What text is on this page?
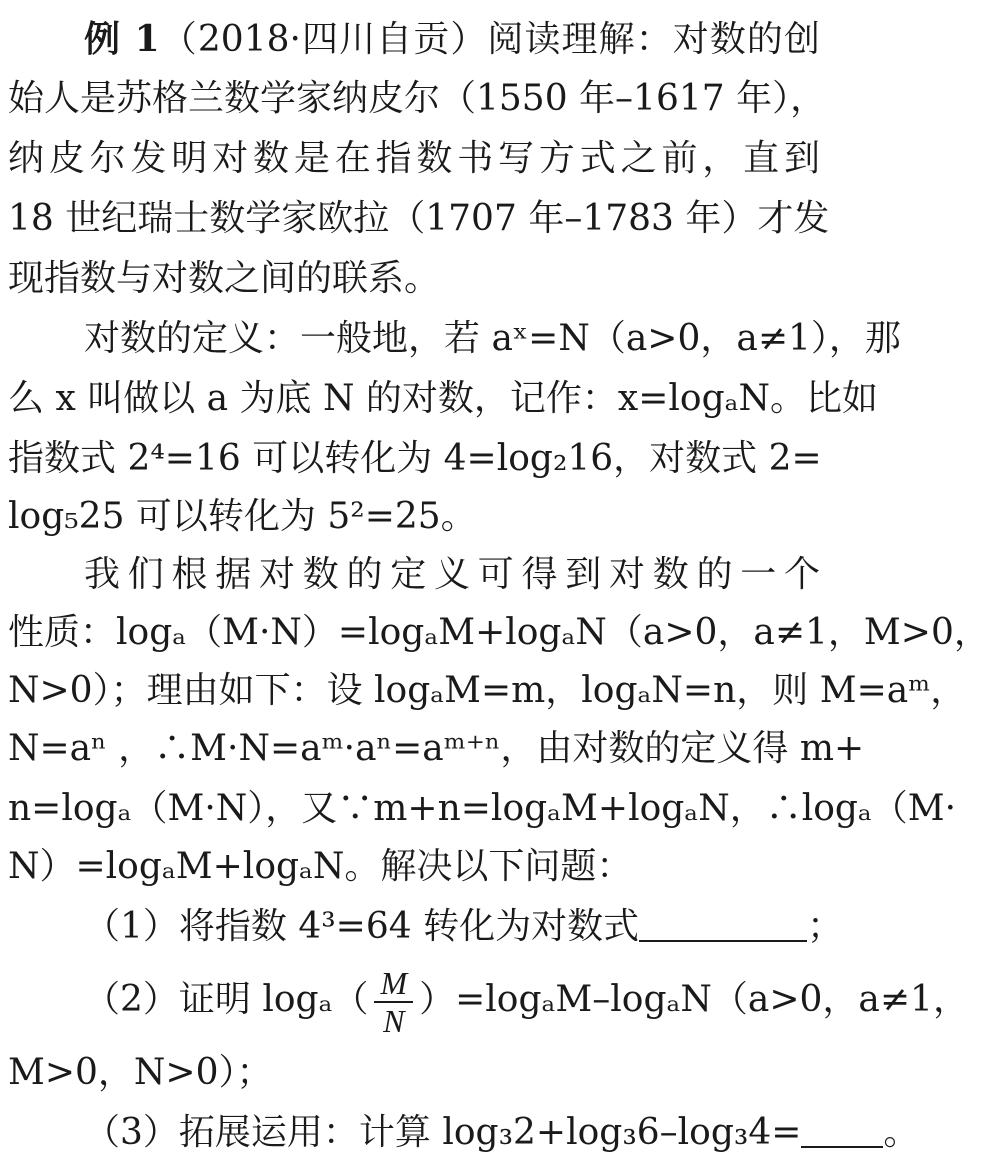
例 1（2018·四川自贡）阅读理解：对数的创
始人是苏格兰数学家纳皮尔（1550 年–1617 年），
纳皮尔发明对数是在指数书写方式之前，直到
18 世纪瑞士数学家欧拉（1707 年–1783 年）才发
现指数与对数之间的联系。
对数的定义：一般地，若 aˣ=N（a>0，a≠1），那
么 x 叫做以 a 为底 N 的对数，记作：x=logₐN。比如
指数式 2⁴=16 可以转化为 4=log₂16，对数式 2=
log₅25 可以转化为 5²=25。
我们根据对数的定义可得到对数的一个
性质：logₐ（M·N）=logₐM+logₐN（a>0，a≠1，M>0，
N>0）；理由如下：设 logₐM=m，logₐN=n，则 M=aᵐ，
N=aⁿ ，∴M·N=aᵐ·aⁿ=aᵐ⁺ⁿ，由对数的定义得 m+
n=logₐ（M·N），又∵m+n=logₐM+logₐN，∴logₐ（M·
N）=logₐM+logₐN。解决以下问题：
（1）将指数 4³=64 转化为对数式	；
（2）证明 $\log_a( \frac{M}{N} )=\log_aM-\log_aN(a>0$，a≠1，
M>0，N>0）；
（3）拓展运用：计算 log₃2+log₃6–log₃4= 。
